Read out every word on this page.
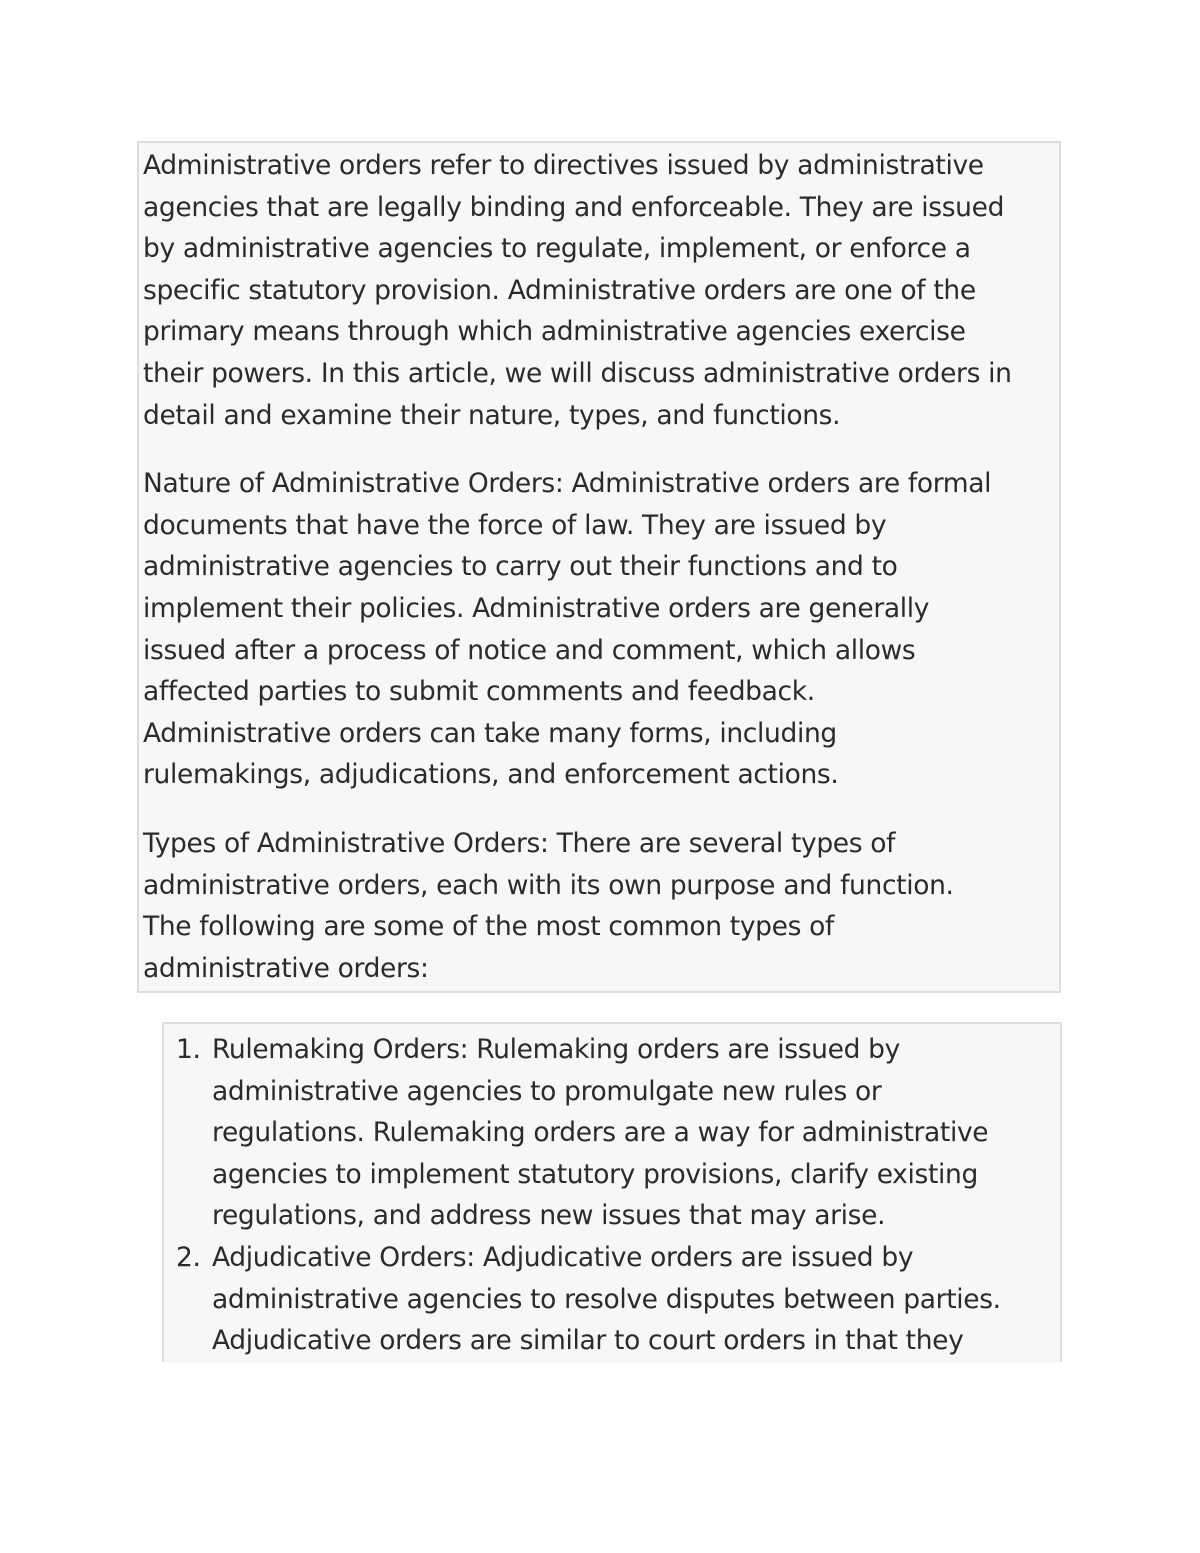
Administrative orders refer to directives issued by administrative
agencies that are legally binding and enforceable. They are issued
by administrative agencies to regulate, implement, or enforce a
specific statutory provision. Administrative orders are one of the
primary means through which administrative agencies exercise
their powers. In this article, we will discuss administrative orders in
detail and examine their nature, types, and functions.

Nature of Administrative Orders: Administrative orders are formal
documents that have the force of law. They are issued by
administrative agencies to carry out their functions and to
implement their policies. Administrative orders are generally
issued after a process of notice and comment, which allows
affected parties to submit comments and feedback.
Administrative orders can take many forms, including
rulemakings, adjudications, and enforcement actions.

Types of Administrative Orders: There are several types of
administrative orders, each with its own purpose and function.
The following are some of the most common types of
administrative orders:

1. Rulemaking Orders: Rulemaking orders are issued by
administrative agencies to promulgate new rules or
regulations. Rulemaking orders are a way for administrative
agencies to implement statutory provisions, clarify existing
regulations, and address new issues that may arise.
2. Adjudicative Orders: Adjudicative orders are issued by
administrative agencies to resolve disputes between parties.
Adjudicative orders are similar to court orders in that they
